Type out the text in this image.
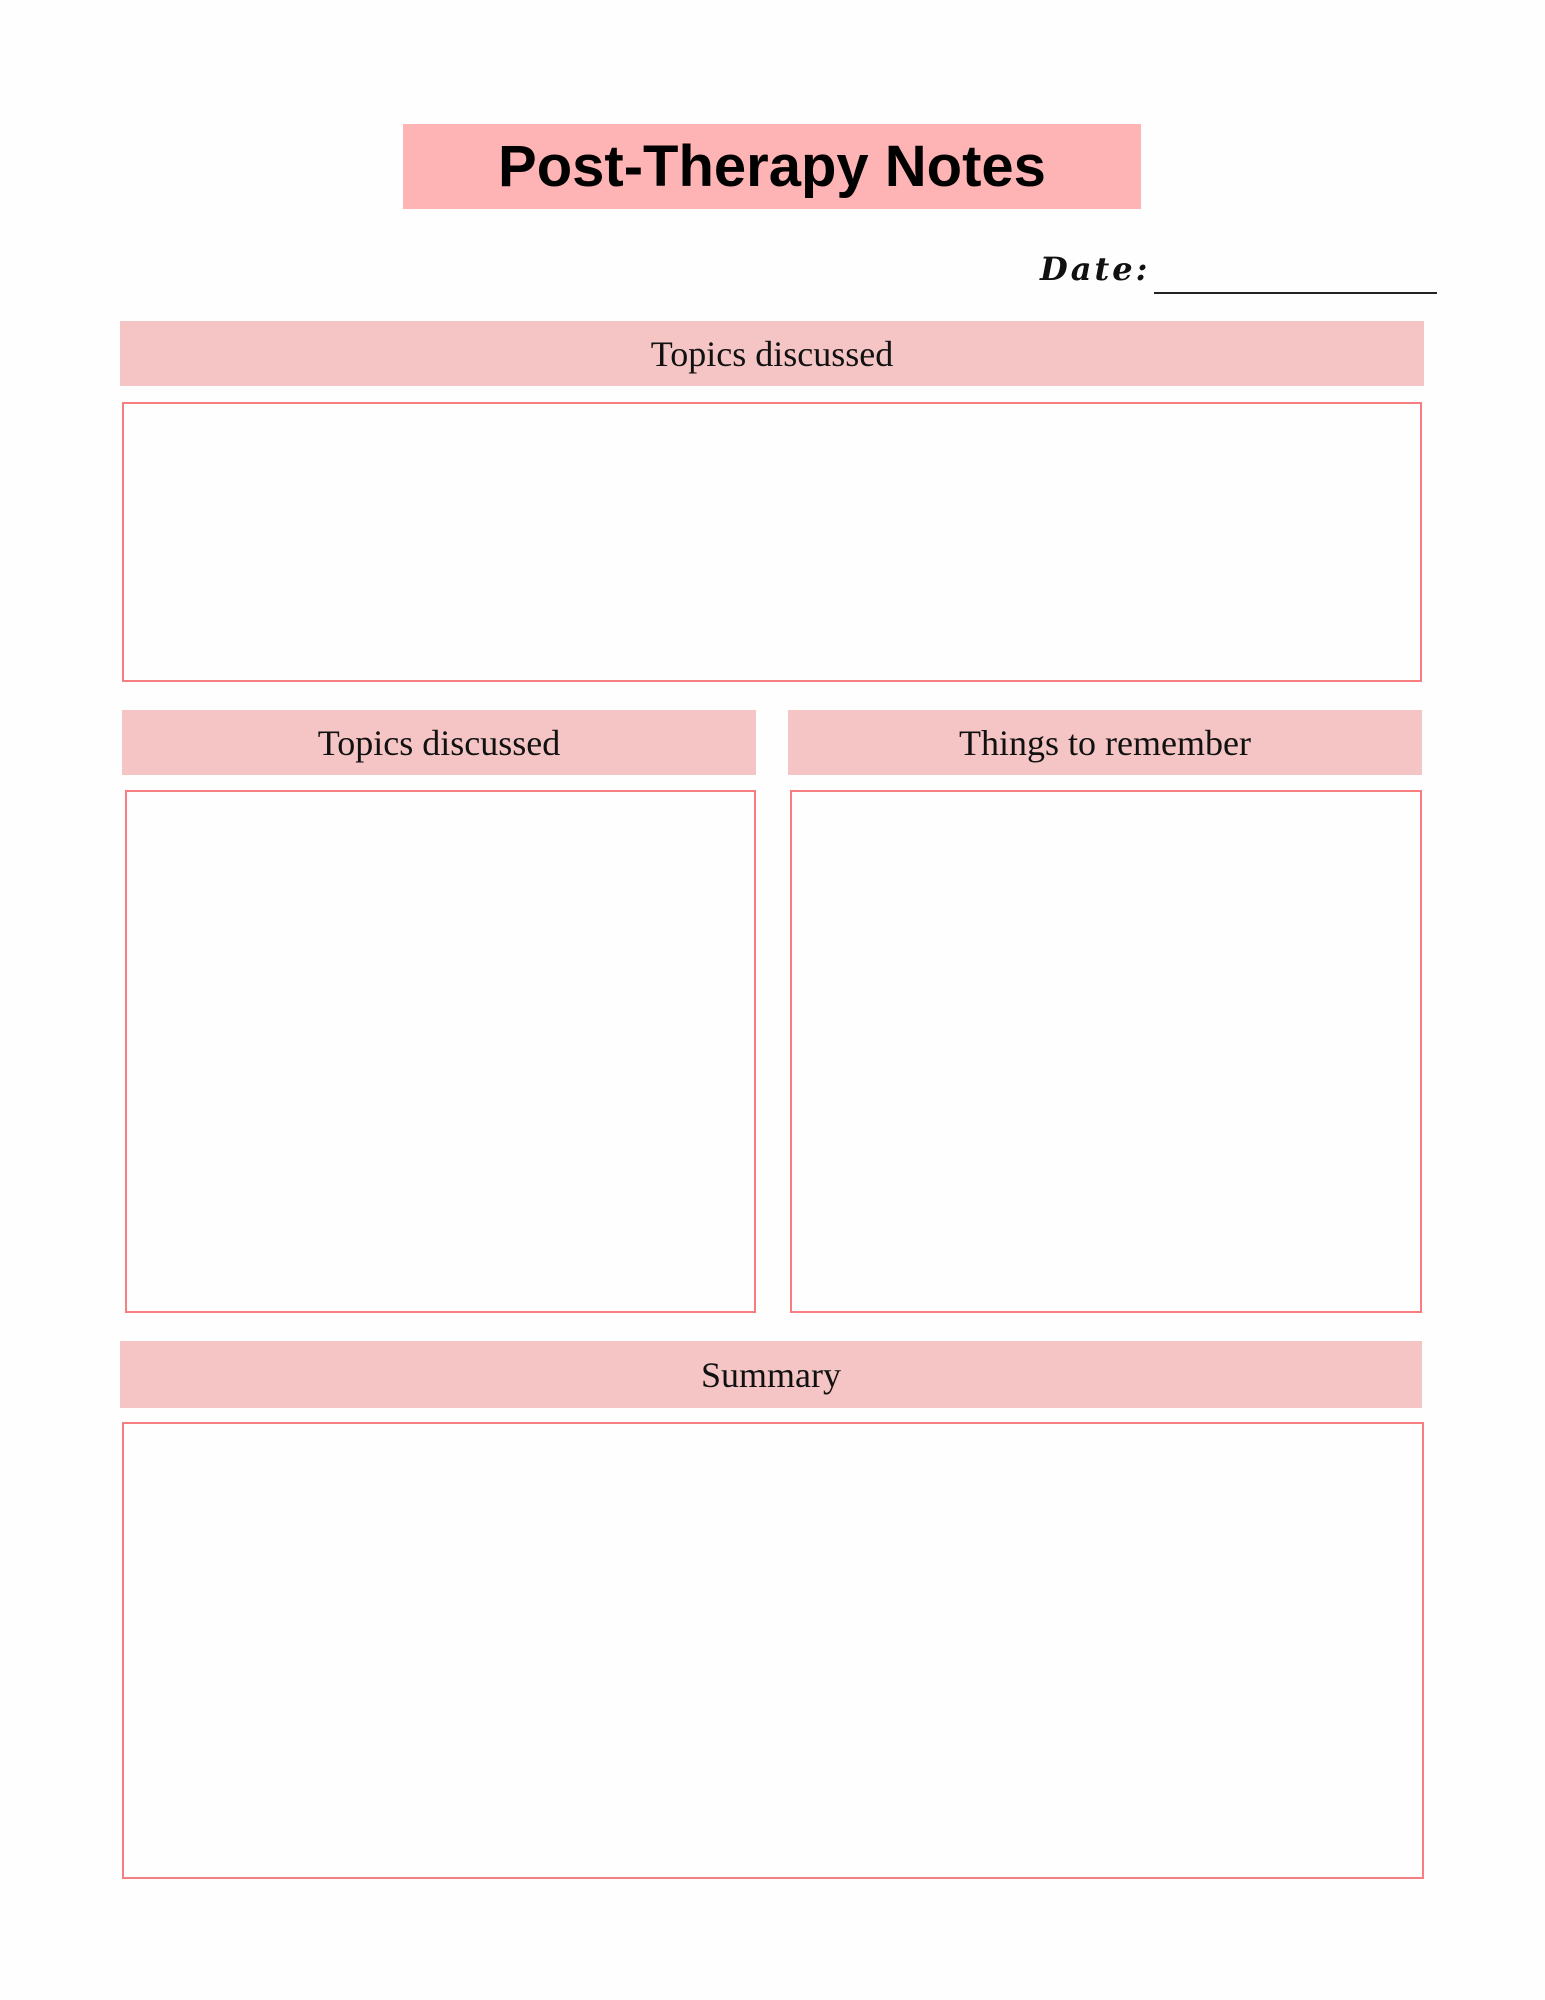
Post-Therapy Notes
Date:
Topics discussed
Topics discussed	Things to remember
Summary
